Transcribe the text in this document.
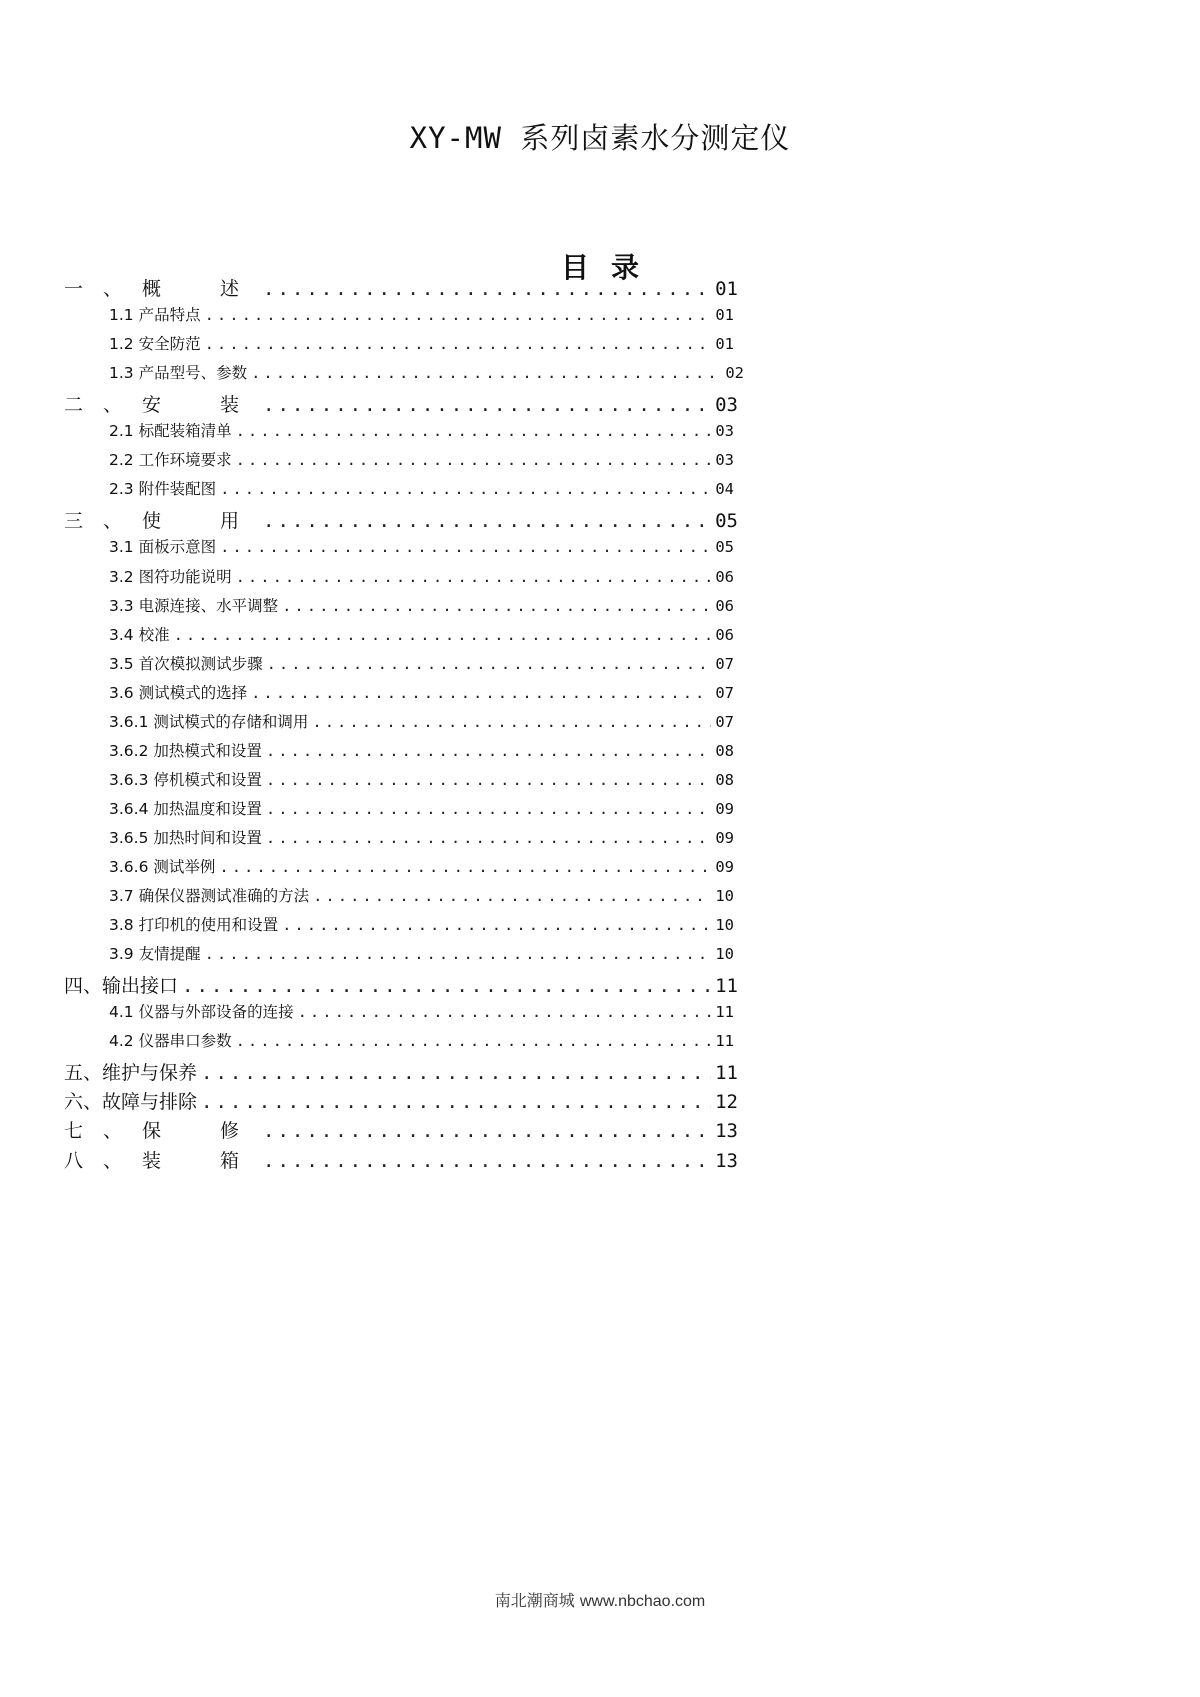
XY-MW 系列卤素水分测定仪
目录
一、概　述 .....	01
1.1 产品特点 .....	01
1.2 安全防范 .....	01
1.3 产品型号、参数 .....	02
二、安　装 .....	03
2.1 标配装箱清单 .....	03
2.2 工作环境要求 .....	03
2.3 附件装配图 .....	04
三、使　用 .....	05
3.1 面板示意图 .....	05
3.2 图符功能说明 .....	06
3.3 电源连接、水平调整 .....	06
3.4 校准 .....	06
3.5 首次模拟测试步骤 .....	07
3.6 测试模式的选择 .....	07
3.6.1 测试模式的存储和调用 .....	07
3.6.2 加热模式和设置 .....	08
3.6.3 停机模式和设置 .....	08
3.6.4 加热温度和设置 .....	09
3.6.5 加热时间和设置 .....	09
3.6.6 测试举例 .....	09
3.7 确保仪器测试准确的方法 .....	10
3.8 打印机的使用和设置 .....	10
3.9 友情提醒 .....	10
四、输出接口 .....	11
4.1 仪器与外部设备的连接 .....	11
4.2 仪器串口参数 .....	11
五、维护与保养 .....	11
六、故障与排除 .....	12
七、保　修 .....	13
八、装　箱 .....	13
南北潮商城 www.nbchao.com
